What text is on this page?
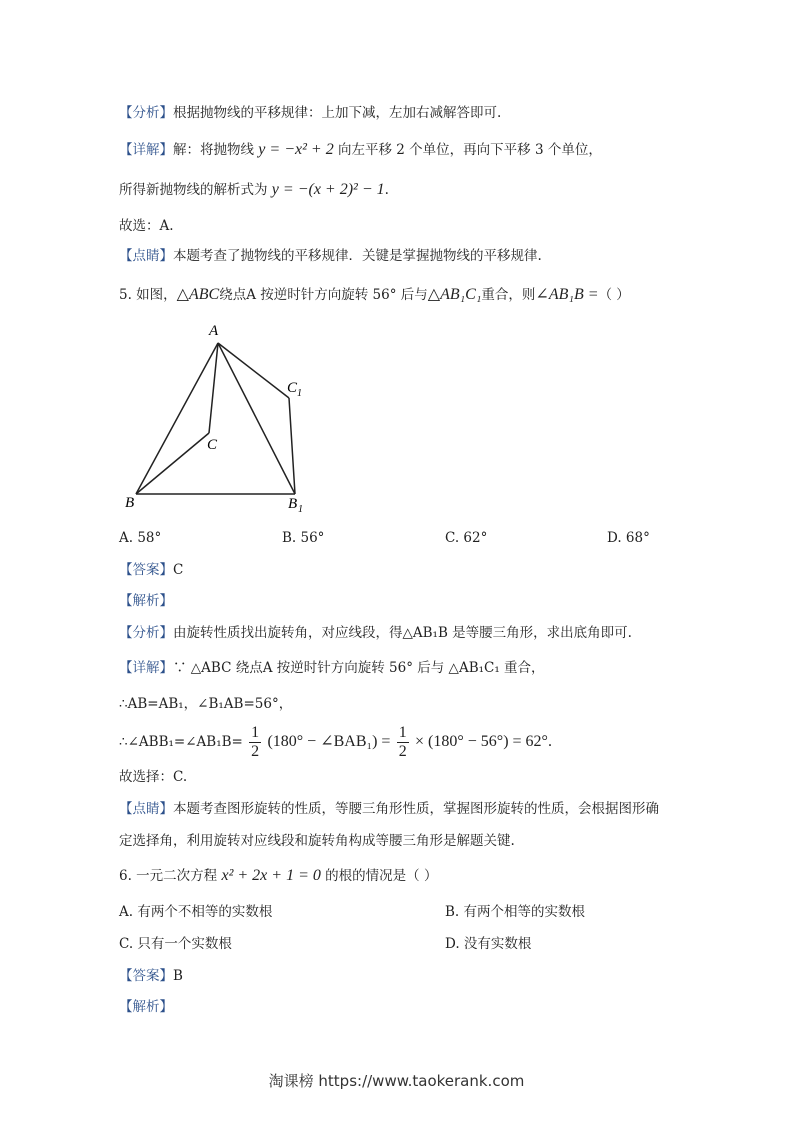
【分析】根据抛物线的平移规律：上加下减，左加右减解答即可.
【详解】解：将抛物线 y = −x² + 2 向左平移 2 个单位，再向下平移 3 个单位，
所得新抛物线的解析式为 y = −(x + 2)² − 1.
故选：A.
【点睛】本题考查了抛物线的平移规律．关键是掌握抛物线的平移规律.
5. 如图，△ABC绕点A 按逆时针方向旋转 56° 后与△AB₁C₁重合，则∠AB₁B =（ ）
A
B
C
C 1
B 1
A. 58°	B. 56°	C. 62°	D. 68°
【答案】C
【解析】
【分析】由旋转性质找出旋转角，对应线段，得△AB₁B 是等腰三角形，求出底角即可.
【详解】∵ △ABC 绕点A 按逆时针方向旋转 56° 后与 △AB₁C₁ 重合，
∴AB=AB₁，∠B₁AB=56°，
∴∠ABB₁=∠AB₁B= $\frac{1}{2} (180^\circ$ − ∠BAB₁) = $\frac{1}{2} \times (180^\circ - 56^\circ) = 62^\circ$.
故选择：C.
【点睛】本题考查图形旋转的性质，等腰三角形性质，掌握图形旋转的性质，会根据图形确
定选择角，利用旋转对应线段和旋转角构成等腰三角形是解题关键.
6. 一元二次方程 x² + 2x + 1 = 0 的根的情况是（ ）
A. 有两个不相等的实数根	B. 有两个相等的实数根
C. 只有一个实数根	D. 没有实数根
【答案】B
【解析】
淘课榜 https://www.taokerank.com
